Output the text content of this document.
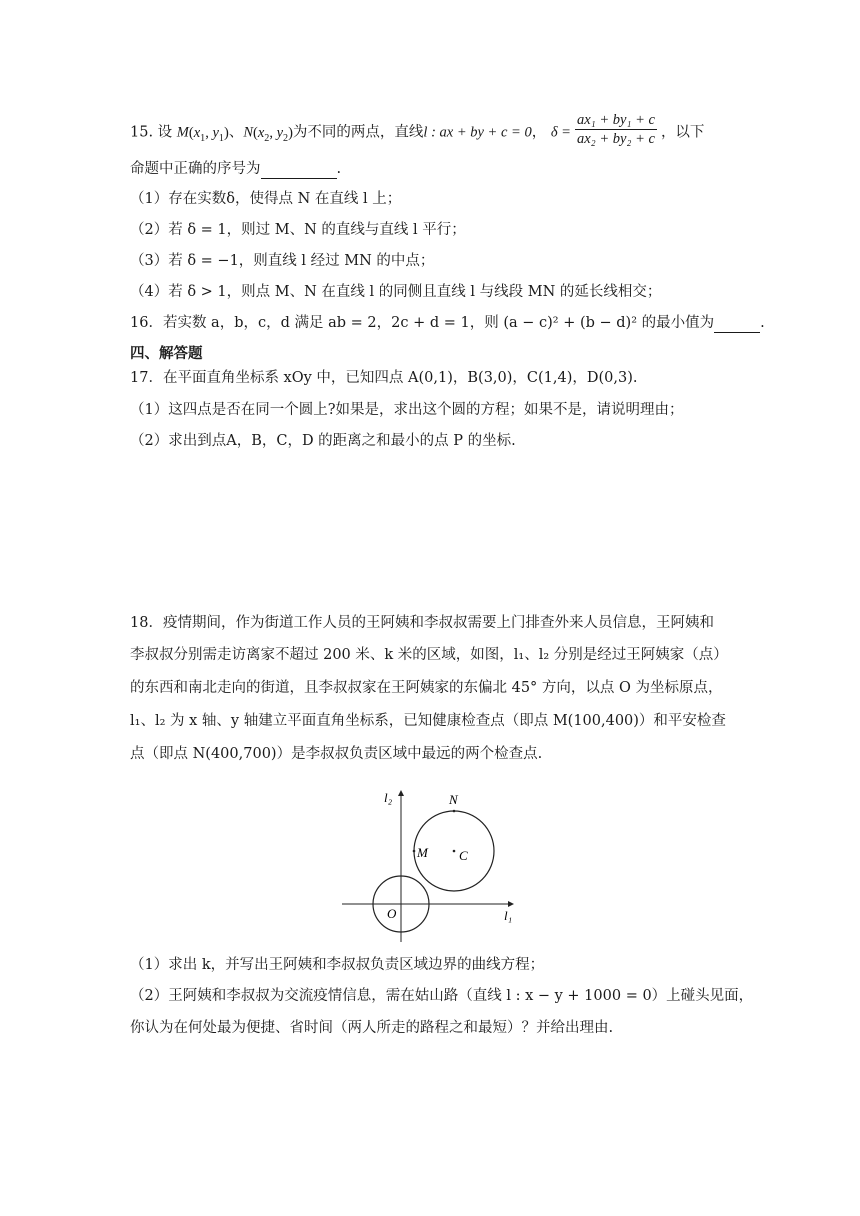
15. 设 $M(x_1$, $y_1$)、$N(x_2$, $y_2$)为不同的两点，直线l : ax + by + c = 0， $\delta = \frac{\text{ax₁ + by₁ + c}}{\text{ax₂ + by₂ + c}}$ ，以下
命题中正确的序号为	.
（1）存在实数δ，使得点 N 在直线 l 上；
（2）若 δ = 1，则过 M、N 的直线与直线 l 平行；
（3）若 δ = −1，则直线 l 经过 MN 的中点；
（4）若 δ > 1，则点 M、N 在直线 l 的同侧且直线 l 与线段 MN 的延长线相交；
16．若实数 a，b，c，d 满足 ab = 2，2c + d = 1，则 (a − c)² + (b − d)² 的最小值为	.
四、解答题
17．在平面直角坐标系 xOy 中，已知四点 A(0,1)，B(3,0)，C(1,4)，D(0,3).
（1）这四点是否在同一个圆上?如果是，求出这个圆的方程；如果不是，请说明理由；
（2）求出到点A，B，C，D 的距离之和最小的点 P 的坐标.
18．疫情期间，作为街道工作人员的王阿姨和李叔叔需要上门排查外来人员信息，王阿姨和
李叔叔分别需走访离家不超过 200 米、k 米的区域，如图，l₁、l₂ 分别是经过王阿姨家（点）
的东西和南北走向的街道，且李叔叔家在王阿姨家的东偏北 45° 方向，以点 O 为坐标原点，
l₁、l₂ 为 x 轴、y 轴建立平面直角坐标系，已知健康检查点（即点 M(100,400)）和平安检查
点（即点 N(400,700)）是李叔叔负责区域中最远的两个检查点.
l₂
l₁
N
M C
O
（1）求出 k，并写出王阿姨和李叔叔负责区域边界的曲线方程；
（2）王阿姨和李叔叔为交流疫情信息，需在姑山路（直线 l : x − y + 1000 = 0）上碰头见面，
你认为在何处最为便捷、省时间（两人所走的路程之和最短）？并给出理由.
